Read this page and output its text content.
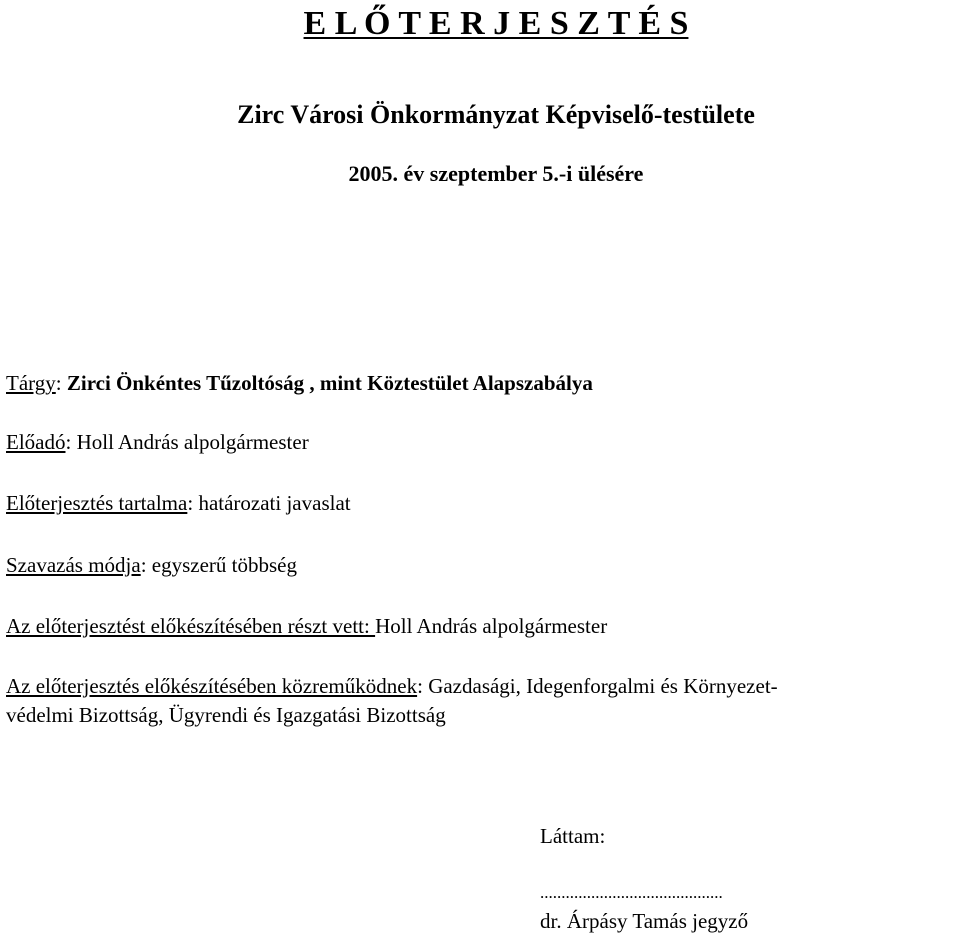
E L Ő T E R J E S Z T É S
Zirc Városi Önkormányzat Képviselő-testülete
2005. év szeptember 5.-i ülésére
Tárgy: Zirci Önkéntes Tűzoltóság , mint Köztestület Alapszabálya
Előadó: Holl András alpolgármester
Előterjesztés tartalma: határozati javaslat
Szavazás módja: egyszerű többség
Az előterjesztést előkészítésében részt vett: Holl András alpolgármester
Az előterjesztés előkészítésében közreműködnek: Gazdasági, Idegenforgalmi és Környezet-
védelmi Bizottság, Ügyrendi és Igazgatási Bizottság
Láttam:
...........................................
dr. Árpásy Tamás jegyző
